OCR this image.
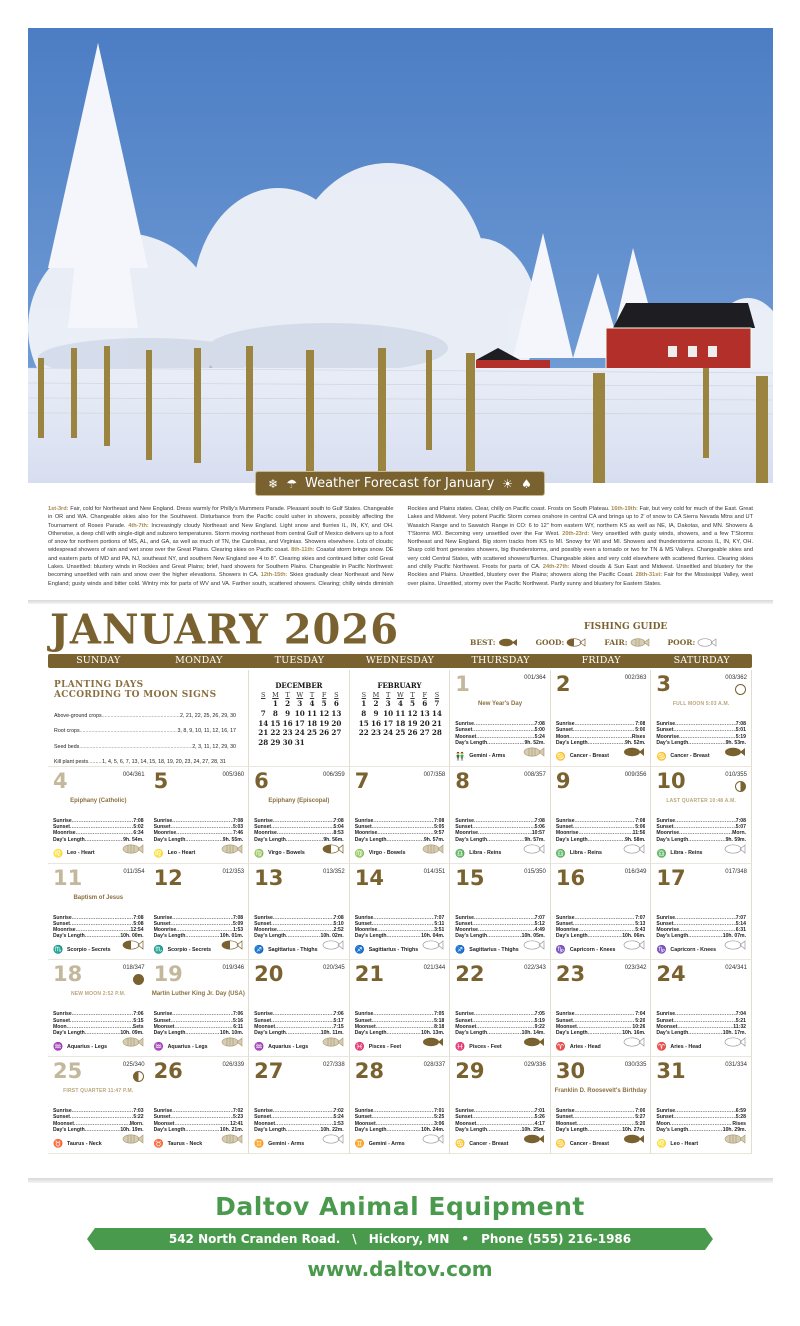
❄ ☂ Weather Forecast for January ☀ ♠
1st-3rd: Fair, cold for Northeast and New England. Dress warmly for Philly's Mummers Parade. Pleasant south to Gulf States. Changeable in OR and WA. Changeable skies also for the Southwest. Disturbance from the Pacific could usher in showers, possibly affecting the Tournament of Roses Parade. 4th-7th: Increasingly cloudy Northeast and New England. Light snow and flurries IL, IN, KY, and OH. Otherwise, a deep chill with single-digit and subzero temperatures. Storm moving northeast from central Gulf of Mexico delivers up to a foot of snow for northern portions of MS, AL, and GA, as well as much of TN, the Carolinas, and Virginias. Showers elsewhere. Lots of clouds; widespread showers of rain and wet snow over the Great Plains. Clearing skies on Pacific coast. 8th-11th: Coastal storm brings snow. DE and eastern parts of MD and PA, NJ, southeast NY, and southern New England see 4 to 8". Clearing skies and continued bitter cold Great Lakes. Unsettled: blustery winds in Rockies and Great Plains; brief, hard showers for Southern Plains. Changeable in Pacific Northwest: becoming unsettled with rain and snow over the higher elevations. Showers in CA. 12th-15th: Skies gradually clear Northeast and New England; gusty winds and bitter cold. Wintry mix for parts of WV and VA. Farther south, scattered showers. Clearing; chilly winds diminish Rockies and Plains states. Clear, chilly on Pacific coast. Frosts on South Plateau. 16th-19th: Fair, but very cold for much of the East. Great Lakes and Midwest. Very potent Pacific Storm comes onshore in central CA and brings up to 2' of snow to CA Sierra Nevada Mtns and UT Wasatch Range and to Sawatch Range in CO: 6 to 12" from eastern WY, northern KS as well as NE, IA, Dakotas, and MN. Showers & T'Storms MO. Becoming very unsettled over the Far West. 20th-23rd: Very unsettled with gusty winds, showers, and a few T'Storms Northeast and New England. Big storm tracks from KS to MI. Snowy for WI and MI. Showers and thunderstorms across IL, IN, KY, OH. Sharp cold front generates showers, big thunderstorms, and possibly even a tornado or two for TN & MS Valleys. Changeable skies and very cold Central States, with scattered showers/flurries. Changeable skies and very cold elsewhere with scattered flurries. Clearing skies and chilly Pacific Northwest. Frosts for parts of CA. 24th-27th: Mixed clouds & Sun East and Midwest. Unsettled and blustery for the Rockies and Plains. Unsettled, blustery over the Plains; showers along the Pacific Coast. 28th-31st: Fair for the Mississippi Valley, west over plains. Unsettled, stormy over the Pacific Northwest. Partly sunny and blustery for Eastern States.
JANUARY 2026	FISHING GUIDE
BEST:	GOOD:	FAIR:	POOR:
SUNDAY	MONDAY	TUESDAY	WEDNESDAY	THURSDAY	FRIDAY	SATURDAY
PLANTING DAYS
ACCORDING TO MOON SIGNS
Above-ground crops .....	2, 21, 22, 25, 26, 29, 30
Root crops .....	3, 8, 9, 10, 11, 12, 16, 17
Seed beds .....	2, 3, 11, 12, 29, 30
Kill plant pests .....	1, 4, 5, 6, 7, 13, 14, 15, 18, 19, 20, 23, 24, 27, 28, 31
DECEMBER
S	M	T	W	T	F	S
	1	2	3	4	5	6
7	8	9	10	11	12	13
14	15	16	17	18	19	20
21	22	23	24	25	26	27
28	29	30	31			
FEBRUARY
S	M	T	W	T	F	S
1	2	3	4	5	6	7
8	9	10	11	12	13	14
15	16	17	18	19	20	21
22	23	24	25	26	27	28

1	001/364
New Year's Day
Sunrise .....	7:08
Sunset .....	5:00
Moonset .....	5:24
Day's Length .....	9h. 52m.
👬 Gemini - Arms
2	002/363
Sunrise .....	7:08
Sunset .....	5:00
Moon .....	Rises
Day's Length .....	9h. 52m.
♋ Cancer - Breast
3	003/362
FULL MOON 5:03 A.M.
Sunrise .....	7:08
Sunset .....	5:01
Moonrise .....	5:19
Day's Length .....	9h. 53m.
♋ Cancer - Breast
4	004/361
Epiphany (Catholic)
Sunrise .....	7:08
Sunset .....	5:02
Moonrise .....	6:34
Day's Length .....	9h. 54m.
♌ Leo - Heart
5	005/360
Sunrise .....	7:08
Sunset .....	5:03
Moonrise .....	7:46
Day's Length .....	9h. 55m.
♌ Leo - Heart
6	006/359
Epiphany (Episcopal)
Sunrise .....	7:08
Sunset .....	5:04
Moonrise .....	8:53
Day's Length .....	9h. 56m.
♍ Virgo - Bowels
7	007/358
Sunrise .....	7:08
Sunset .....	5:05
Moonrise .....	9:57
Day's Length .....	9h. 57m.
♍ Virgo - Bowels
8	008/357
Sunrise .....	7:08
Sunset .....	5:06
Moonrise .....	10:57
Day's Length .....	9h. 57m.
♎ Libra - Reins
9	009/356
Sunrise .....	7:08
Sunset .....	5:06
Moonrise .....	11:56
Day's Length .....	9h. 58m.
♎ Libra - Reins
10	010/355
LAST QUARTER 10:48 A.M.
Sunrise .....	7:08
Sunset .....	5:07
Moonrise .....	Morn.
Day's Length .....	9h. 59m.
♎ Libra - Reins
11	011/354
Baptism of Jesus
Sunrise .....	7:08
Sunset .....	5:08
Moonrise .....	12:54
Day's Length .....	10h. 00m.
♏ Scorpio - Secrets
12	012/353
Sunrise .....	7:08
Sunset .....	5:09
Moonrise .....	1:53
Day's Length .....	10h. 01m.
♏ Scorpio - Secrets
13	013/352
Sunrise .....	7:08
Sunset .....	5:10
Moonrise .....	2:52
Day's Length .....	10h. 02m.
♐ Sagittarius - Thighs
14	014/351
Sunrise .....	7:07
Sunset .....	5:11
Moonrise .....	3:51
Day's Length .....	10h. 04m.
♐ Sagittarius - Thighs
15	015/350
Sunrise .....	7:07
Sunset .....	5:12
Moonrise .....	4:49
Day's Length .....	10h. 05m.
♐ Sagittarius - Thighs
16	016/349
Sunrise .....	7:07
Sunset .....	5:13
Moonrise .....	5:43
Day's Length .....	10h. 06m.
♑ Capricorn - Knees
17	017/348
Sunrise .....	7:07
Sunset .....	5:14
Moonrise .....	6:31
Day's Length .....	10h. 07m.
♑ Capricorn - Knees
18	018/347
NEW MOON 2:52 P.M.
Sunrise .....	7:06
Sunset .....	5:15
Moon .....	Sets
Day's Length .....	10h. 09m.
♒ Aquarius - Legs
19	019/346
Martin Luther King Jr. Day (USA)
Sunrise .....	7:06
Sunset .....	5:16
Moonset .....	6:11
Day's Length .....	10h. 10m.
♒ Aquarius - Legs
20	020/345
Sunrise .....	7:06
Sunset .....	5:17
Moonset .....	7:15
Day's Length .....	10h. 11m.
♒ Aquarius - Legs
21	021/344
Sunrise .....	7:05
Sunset .....	5:18
Moonset .....	8:18
Day's Length .....	10h. 13m.
♓ Pisces - Feet
22	022/343
Sunrise .....	7:05
Sunset .....	5:19
Moonset .....	9:22
Day's Length .....	10h. 14m.
♓ Pisces - Feet
23	023/342
Sunrise .....	7:04
Sunset .....	5:20
Moonset .....	10:26
Day's Length .....	10h. 16m.
♈ Aries - Head
24	024/341
Sunrise .....	7:04
Sunset .....	5:21
Moonset .....	11:32
Day's Length .....	10h. 17m.
♈ Aries - Head
25	025/340
FIRST QUARTER 11:47 P.M.
Sunrise .....	7:03
Sunset .....	5:22
Moonset .....	Morn.
Day's Length .....	10h. 19m.
♉ Taurus - Neck
26	026/339
Sunrise .....	7:02
Sunset .....	5:23
Moonset .....	12:41
Day's Length .....	10h. 21m.
♉ Taurus - Neck
27	027/338
Sunrise .....	7:02
Sunset .....	5:24
Moonset .....	1:53
Day's Length .....	10h. 22m.
♊ Gemini - Arms
28	028/337
Sunrise .....	7:01
Sunset .....	5:25
Moonset .....	3:06
Day's Length .....	10h. 24m.
♊ Gemini - Arms
29	029/336
Sunrise .....	7:01
Sunset .....	5:26
Moonset .....	4:17
Day's Length .....	10h. 25m.
♋ Cancer - Breast
30	030/335
Franklin D. Roosevelt's Birthday
Sunrise .....	7:00
Sunset .....	5:27
Moonset .....	5:20
Day's Length .....	10h. 27m.
♋ Cancer - Breast
31	031/334
Sunrise .....	6:59
Sunset .....	5:28
Moon .....	Rises
Day's Length .....	10h. 29m.
♌ Leo - Heart
Daltov Animal Equipment
542 North Cranden Road. \ Hickory, MN • Phone (555) 216-1986
www.daltov.com
